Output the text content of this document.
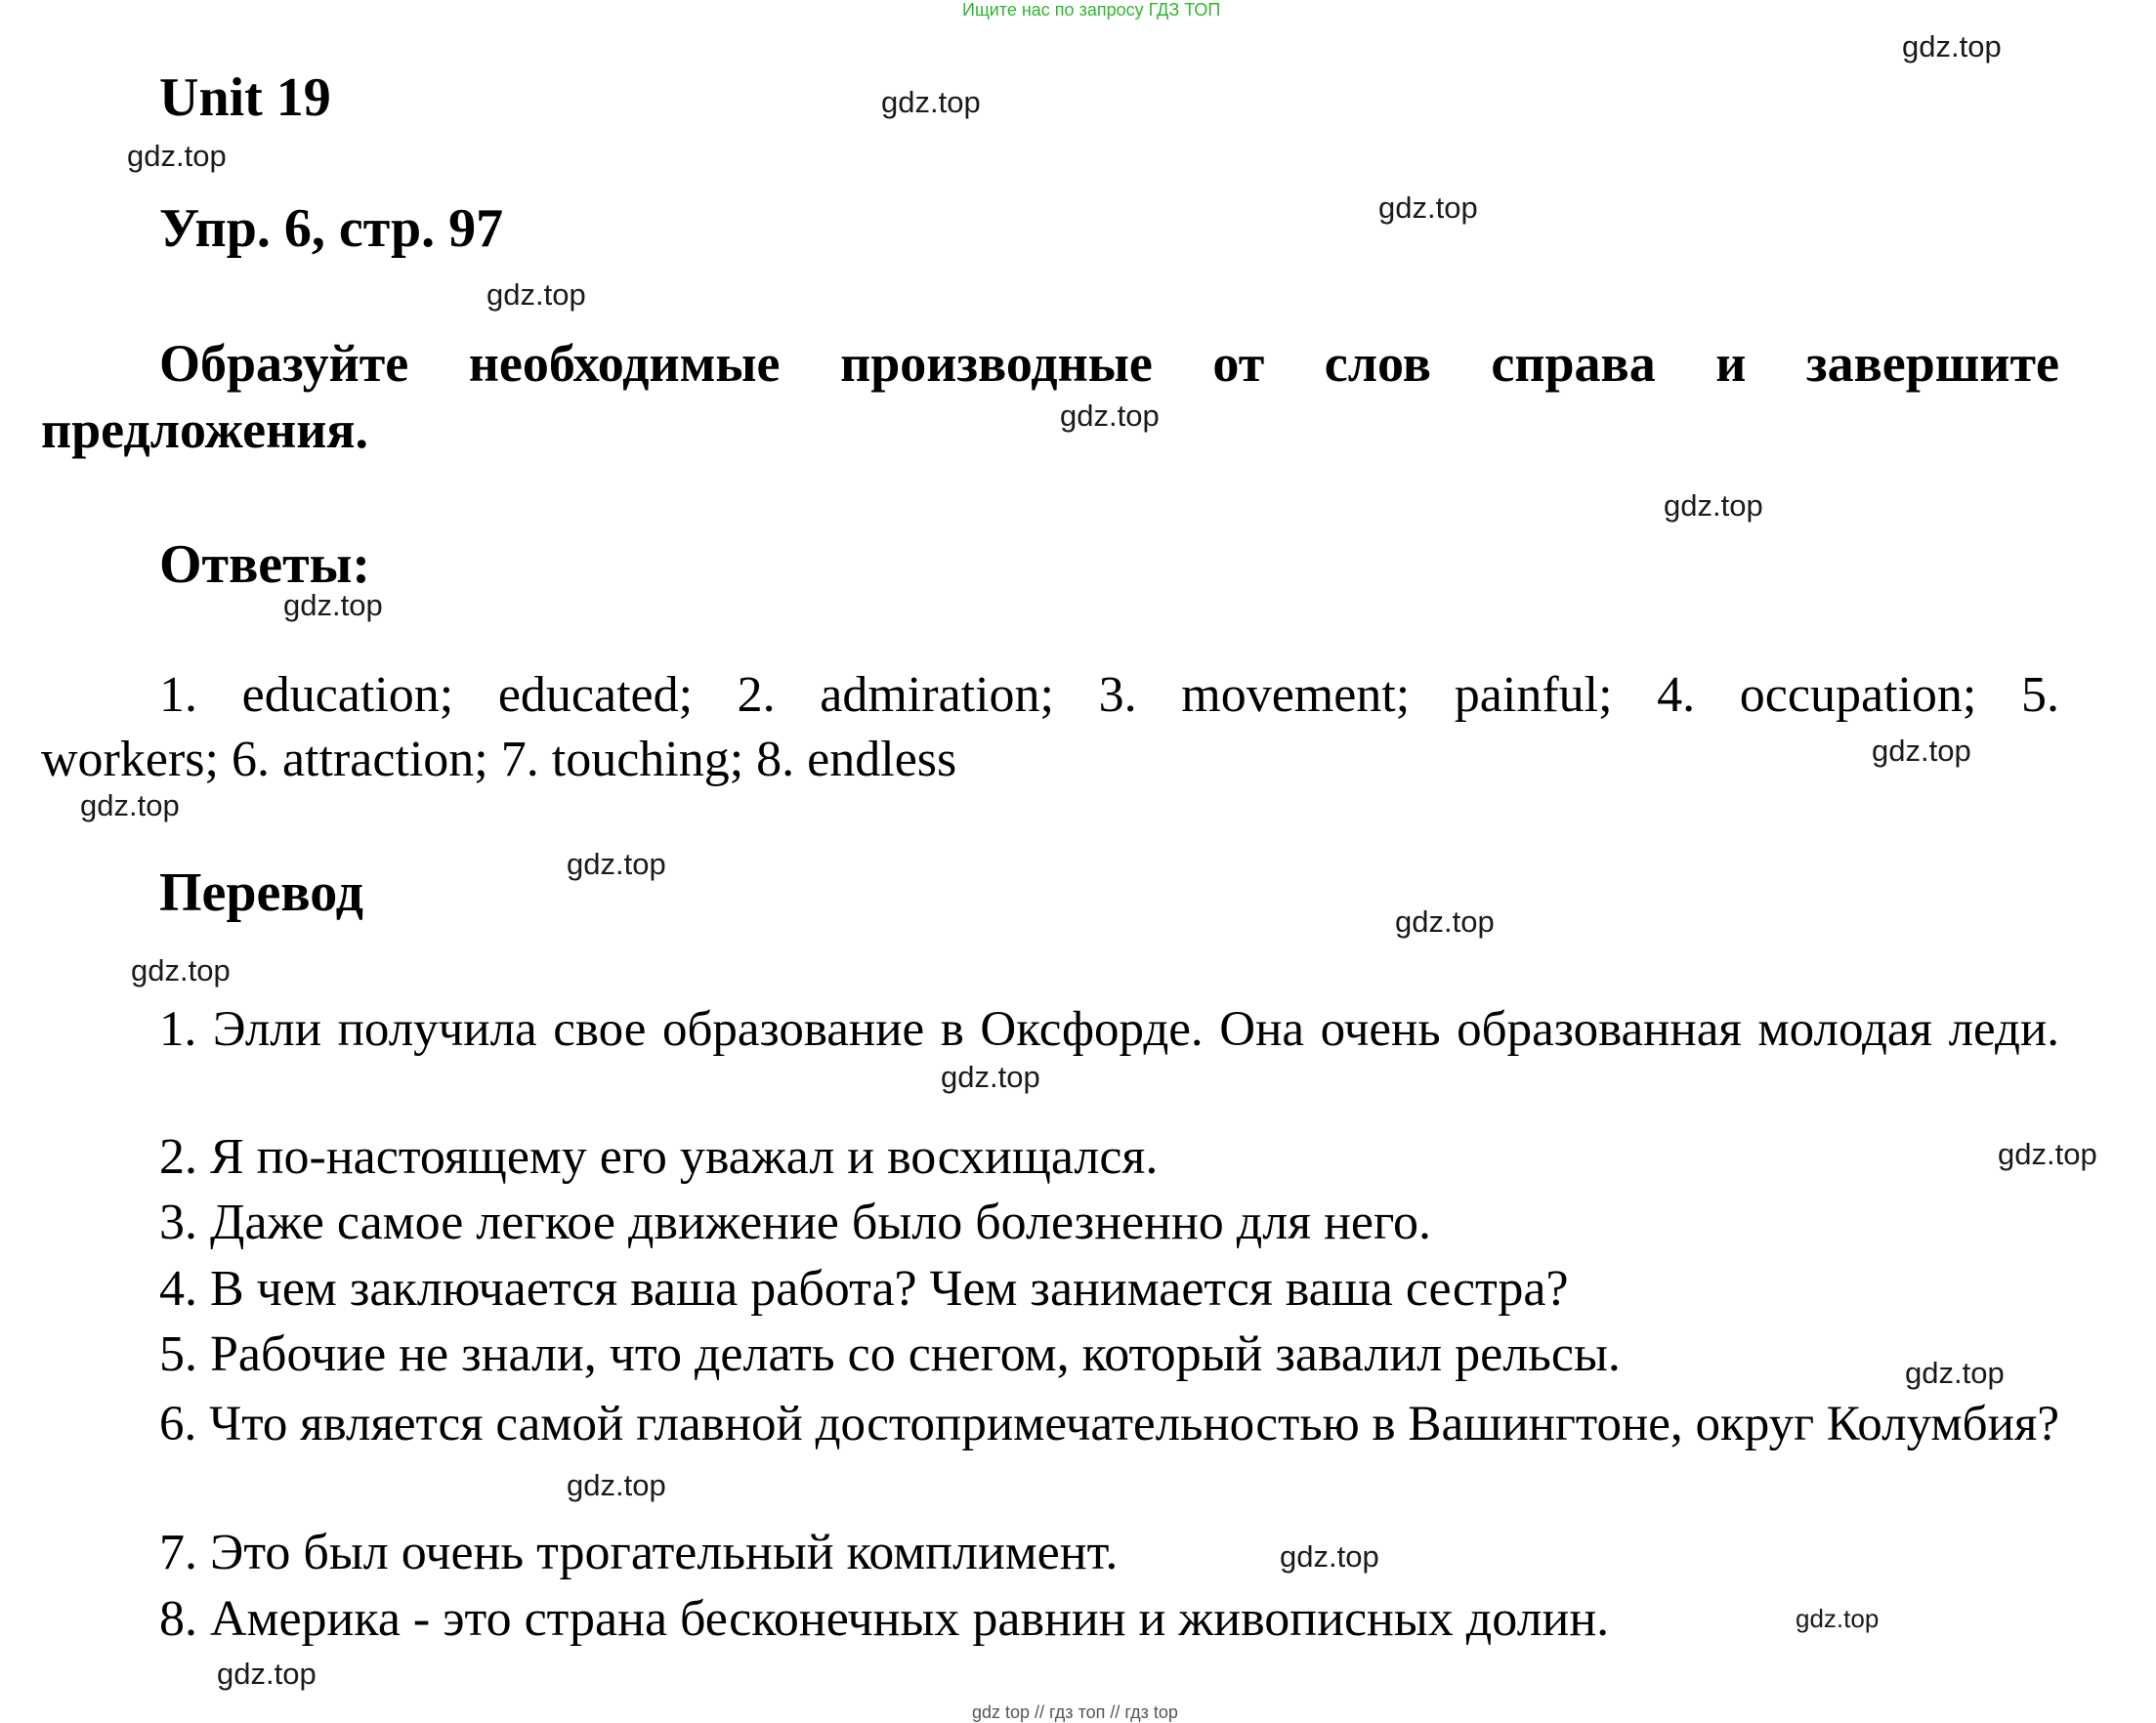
Ищите нас по запросу ГДЗ ТОП
Unit 19
Упр. 6, стр. 97
Образуйте необходимые производные от слов справа и завершите предложения.
Ответы:
1. education; educated; 2. admiration; 3. movement; painful; 4. occupation; 5.
workers; 6. attraction; 7. touching; 8. endless
Перевод
1. Элли получила свое образование в Оксфорде. Она очень образованная молодая леди.
2. Я по-настоящему его уважал и восхищался.
3. Даже самое легкое движение было болезненно для него.
4. В чем заключается ваша работа? Чем занимается ваша сестра?
5. Рабочие не знали, что делать со снегом, который завалил рельсы.
6. Что является самой главной достопримечательностью в Вашингтоне, округ Колумбия?
7. Это был очень трогательный комплимент.
8. Америка - это страна бесконечных равнин и живописных долин.
gdz.top
gdz.top
gdz.top
gdz.top
gdz.top
gdz.top
gdz.top
gdz.top
gdz.top
gdz.top
gdz.top
gdz.top
gdz.top
gdz.top
gdz.top
gdz.top
gdz.top
gdz.top
gdz.top
gdz.top
gdz top // гдз топ // гдз top
